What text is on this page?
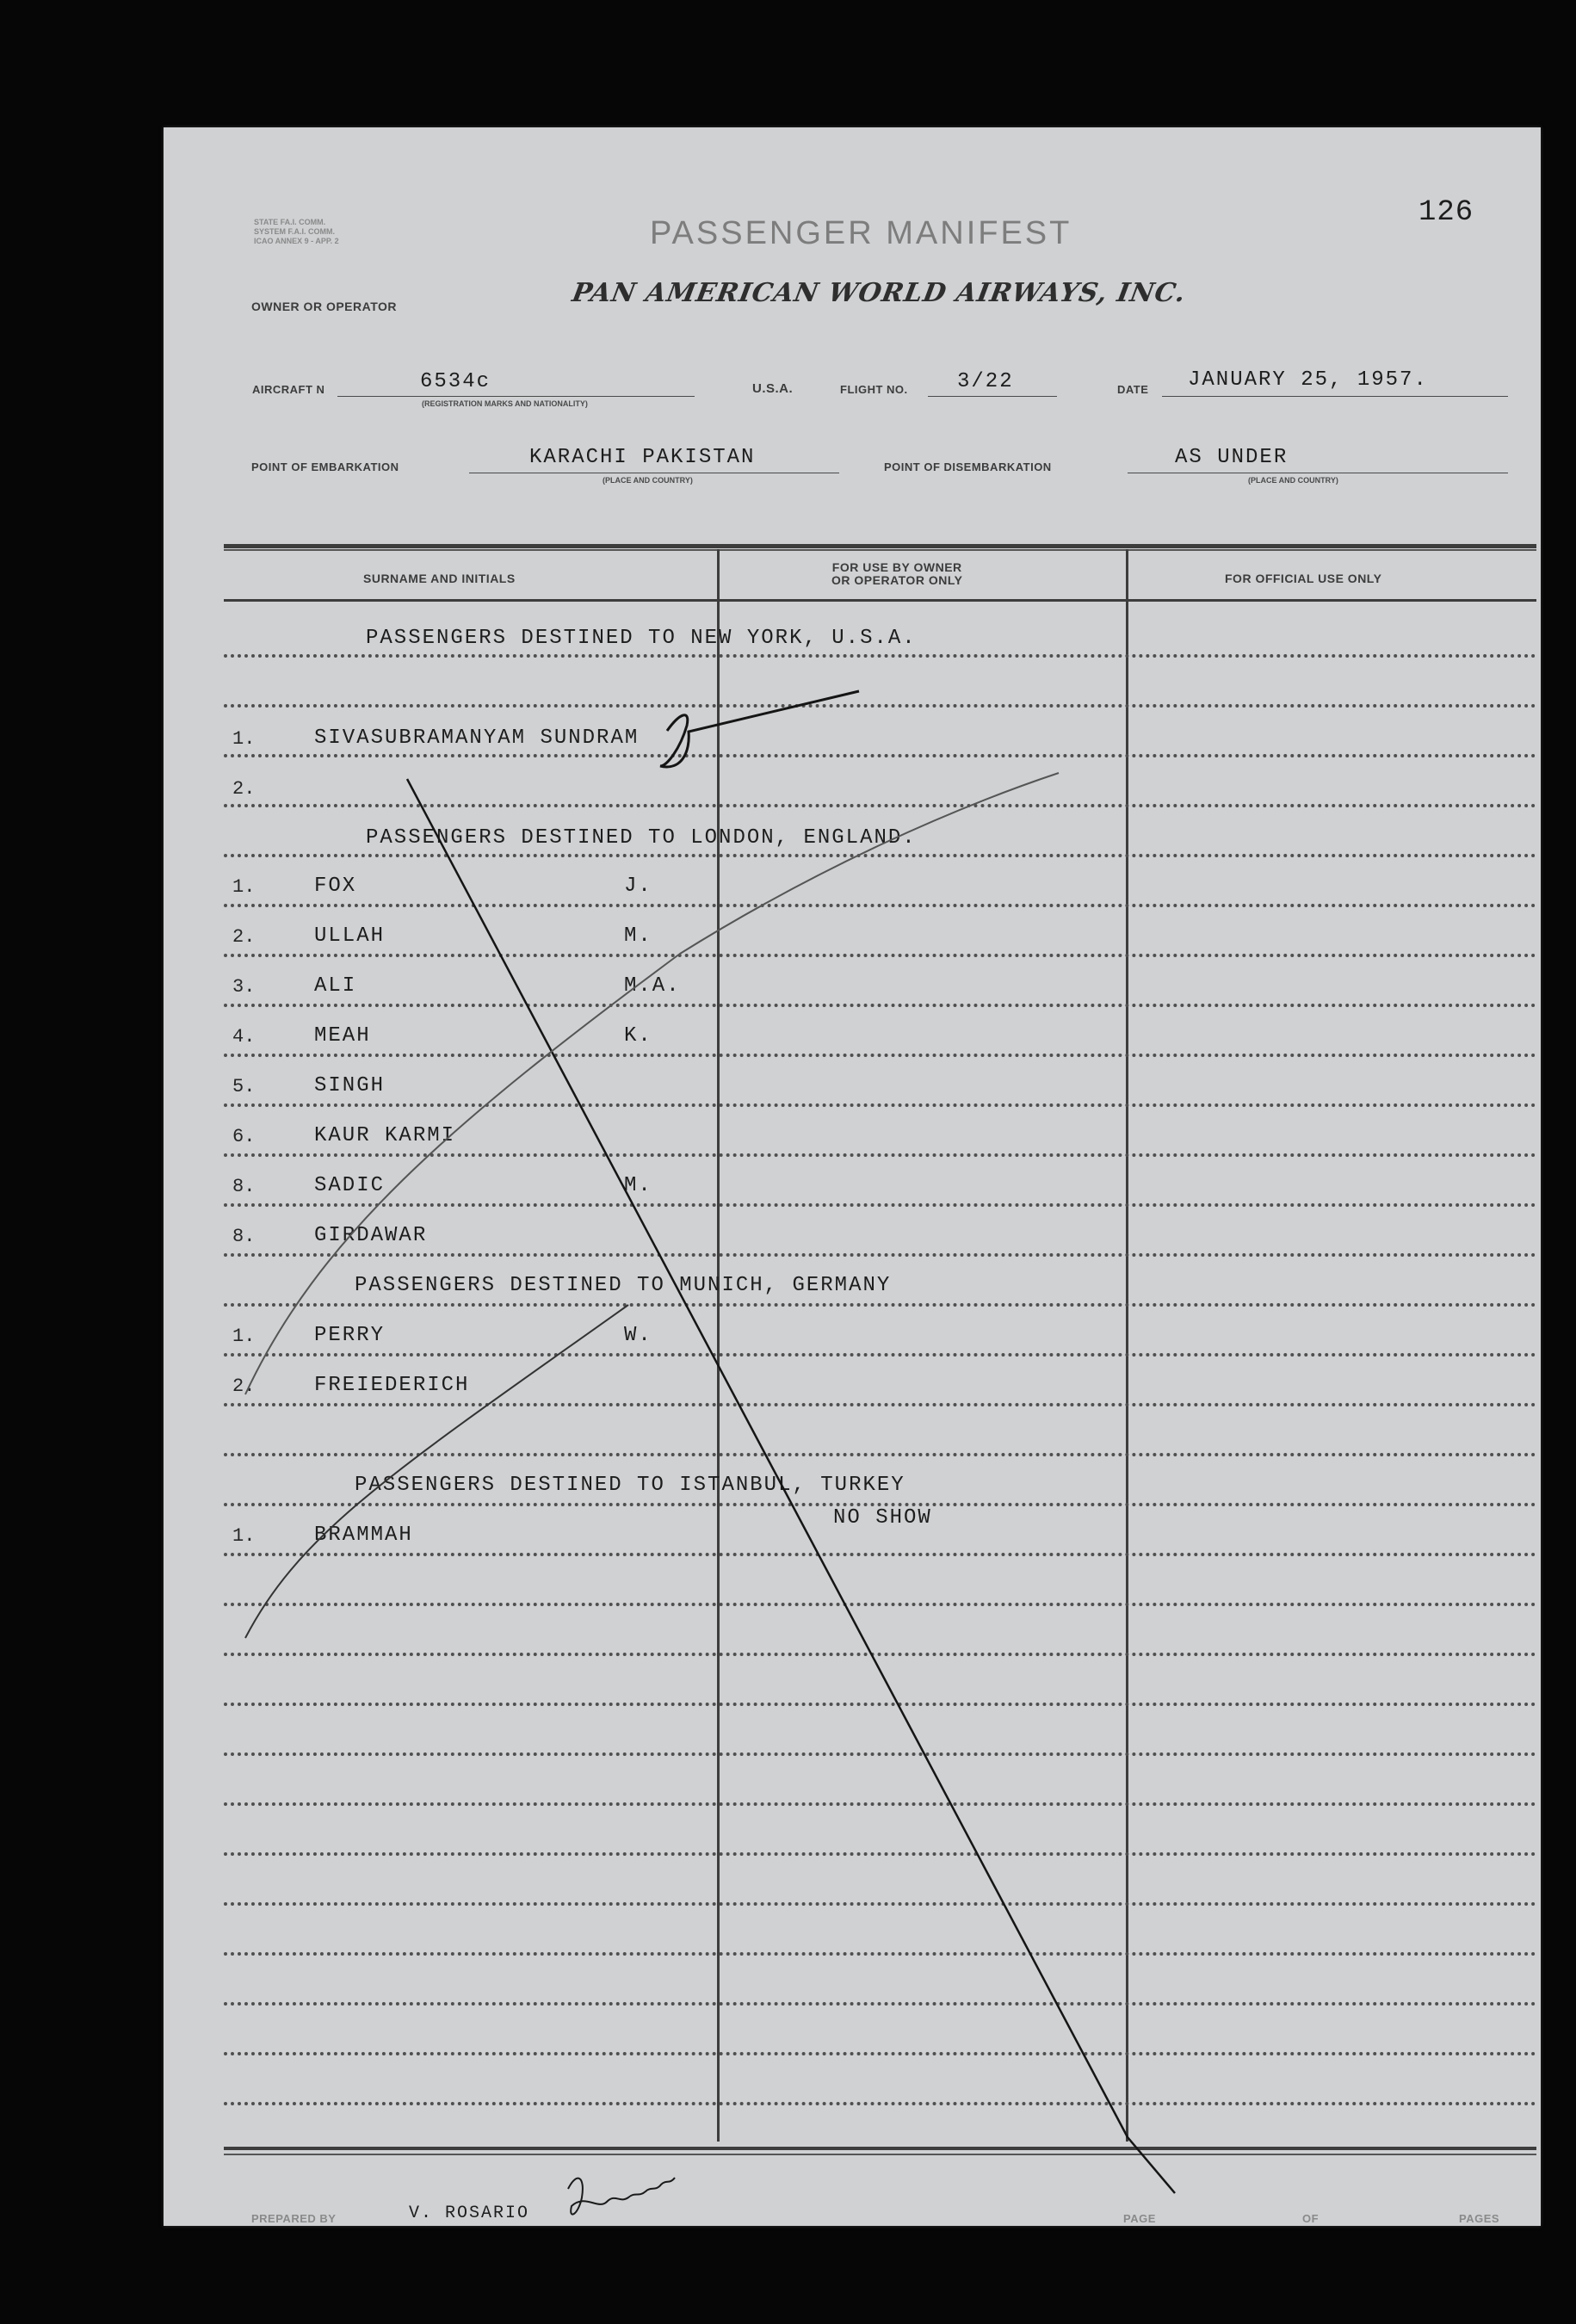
STATE FA.I. COMM.
SYSTEM F.A.I. COMM.
ICAO ANNEX 9 - APP. 2
OWNER OR OPERATOR
PASSENGER MANIFEST
PAN AMERICAN WORLD AIRWAYS, INC.
126
AIRCRAFT N	6534c
(REGISTRATION MARKS AND NATIONALITY)
U.S.A.	FLIGHT NO. 3/22	DATE JANUARY 25, 1957.
POINT OF EMBARKATION	KARACHI PAKISTAN
(PLACE AND COUNTRY)
POINT OF DISEMBARKATION	AS UNDER
(PLACE AND COUNTRY)
SURNAME AND INITIALS
FOR USE BY OWNER
OR OPERATOR ONLY	FOR OFFICIAL USE ONLY
PASSENGERS DESTINED TO NEW YORK, U.S.A.
1.	SIVASUBRAMANYAM SUNDRAM
2.
PASSENGERS DESTINED TO LONDON, ENGLAND.
1.	FOX	J.
2.	ULLAH	M.
3.	ALI	M.A.
4.	MEAH	K.
5.	SINGH
6.	KAUR KARMI
8.	SADIC	M.
8.	GIRDAWAR
PASSENGERS DESTINED TO MUNICH, GERMANY
1.	PERRY	W.
2.	FREIEDERICH
PASSENGERS DESTINED TO ISTANBUL, TURKEY
NO SHOW
1.	BRAMMAH
PREPARED BY	V. ROSARIO	PAGE	OF	PAGES
